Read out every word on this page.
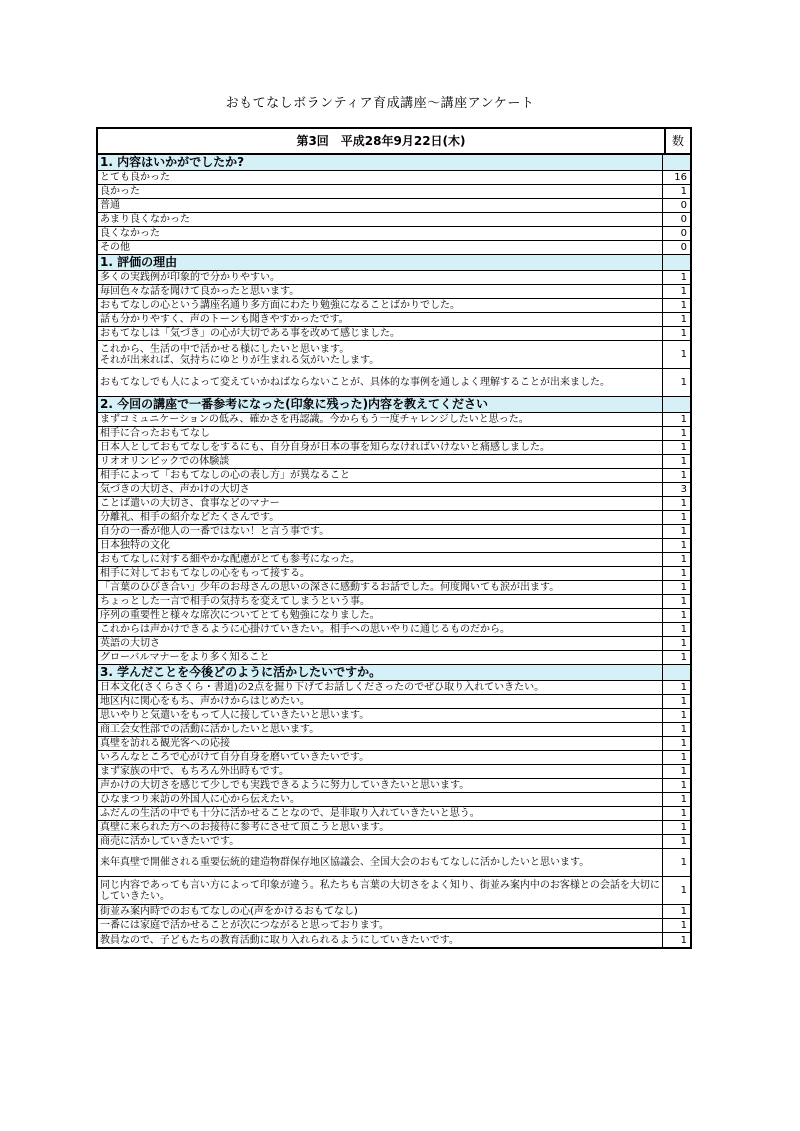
おもてなしボランティア育成講座～講座アンケート
第3回　平成28年9月22日(木)	数
1. 内容はいかがでしたか?
とても良かった	16
良かった	1
普通	0
あまり良くなかった	0
良くなかった	0
その他	0
1. 評価の理由
多くの実践例が印象的で分かりやすい。	1
毎回色々な話を聞けて良かったと思います。	1
おもてなしの心という講座名通り多方面にわたり勉強になることばかりでした。	1
話も分かりやすく、声のトーンも聞きやすかったです。	1
おもてなしは「気づき」の心が大切である事を改めて感じました。	1
これから、生活の中で活かせる様にしたいと思います。
それが出来れば、気持ちにゆとりが生まれる気がいたします。	1
おもてなしでも人によって変えていかねばならないことが、具体的な事例を通しよく理解することが出来ました。	1
2. 今回の講座で一番参考になった(印象に残った)内容を教えてください
まずコミュニケーションの低み、確かさを再認識。今からもう一度チャレンジしたいと思った。	1
相手に合ったおもてなし	1
日本人としておもてなしをするにも、自分自身が日本の事を知らなければいけないと痛感しました。	1
リオオリンピックでの体験談	1
相手によって「おもてなしの心の表し方」が異なること	1
気づきの大切さ、声かけの大切さ	3
ことば遣いの大切さ、食事などのマナー	1
分離礼、相手の紹介などたくさんです。	1
自分の一番が他人の一番ではない！と言う事です。	1
日本独特の文化	1
おもてなしに対する細やかな配慮がとても参考になった。	1
相手に対しておもてなしの心をもって接する。	1
「言葉のひびき合い」少年のお母さんの思いの深さに感動するお話でした。何度聞いても涙が出ます。	1
ちょっとした一言で相手の気持ちを変えてしまうという事。	1
序列の重要性と様々な席次についてとても勉強になりました。	1
これからは声かけできるように心掛けていきたい。相手への思いやりに通じるものだから。	1
英語の大切さ	1
グローバルマナーをより多く知ること	1
3. 学んだことを今後どのように活かしたいですか。
日本文化(さくらさくら・書道)の2点を掘り下げてお話しくださったのでぜひ取り入れていきたい。	1
地区内に関心をもち、声かけからはじめたい。	1
思いやりと気遣いをもって人に接していきたいと思います。	1
商工会女性部での活動に活かしたいと思います。	1
真壁を訪れる観光客への応接	1
いろんなところで心がけて自分自身を磨いていきたいです。	1
まず家族の中で、もちろん外出時もです。	1
声かけの大切さを感じて少しでも実践できるように努力していきたいと思います。	1
ひなまつり来訪の外国人に心から伝えたい。	1
ふだんの生活の中でも十分に活かせることなので、是非取り入れていきたいと思う。	1
真壁に来られた方へのお接待に参考にさせて頂こうと思います。	1
商売に活かしていきたいです。	1
来年真壁で開催される重要伝統的建造物群保存地区協議会、全国大会のおもてなしに活かしたいと思います。	1
同じ内容であっても言い方によって印象が違う。私たちも言葉の大切さをよく知り、街並み案内中のお客様との会話を大切にしていきたい。	1
街並み案内時でのおもてなしの心(声をかけるおもてなし)	1
一番には家庭で活かせることが次につながると思っております。	1
教員なので、子どもたちの教育活動に取り入れられるようにしていきたいです。	1
